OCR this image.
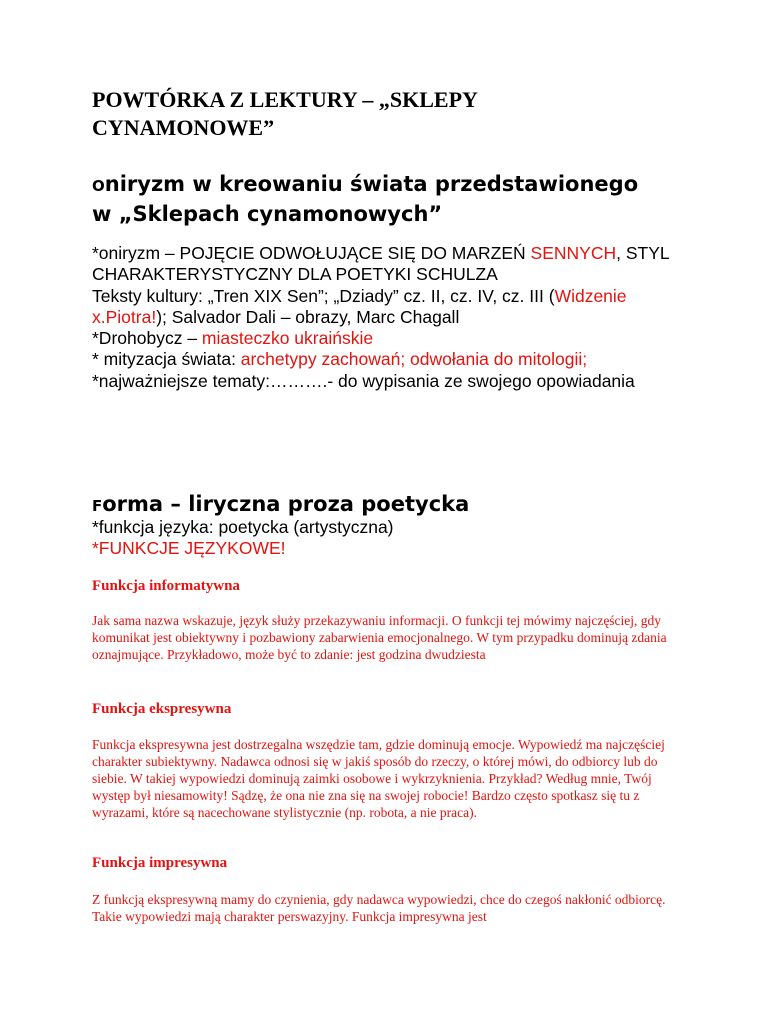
POWTÓRKA Z LEKTURY – „SKLEPY
CYNAMONOWE”
Oniryzm w kreowaniu świata przedstawionego
w „Sklepach cynamonowych”

*oniryzm – POJĘCIE ODWOŁUJĄCE SIĘ DO MARZEŃ SENNYCH, STYL CHARAKTERYSTYCZNY DLA POETYKI SCHULZA

Teksty kultury: „Tren XIX Sen”; „Dziady” cz. II, cz. IV, cz. III (Widzenie x.Piotra!); Salvador Dali – obrazy, Marc Chagall

*Drohobycz – miasteczko ukraińskie

* mityzacja świata: archetypy zachowań; odwołania do mitologii;

*najważniejsze tematy:……….- do wypisania ze swojego opowiadania

Forma – liryczna proza poetycka

*funkcja języka: poetycka (artystyczna)

*FUNKCJE JĘZYKOWE!

Funkcja informatywna

Jak sama nazwa wskazuje, język służy przekazywaniu informacji. O funkcji tej mówimy najczęściej, gdy komunikat jest obiektywny i pozbawiony zabarwienia emocjonalnego. W tym przypadku dominują zdania oznajmujące. Przykładowo, może być to zdanie: jest godzina dwudziesta

Funkcja ekspresywna

Funkcja ekspresywna jest dostrzegalna wszędzie tam, gdzie dominują emocje. Wypowiedź ma najczęściej charakter subiektywny. Nadawca odnosi się w jakiś sposób do rzeczy, o której mówi, do odbiorcy lub do siebie. W takiej wypowiedzi dominują zaimki osobowe i wykrzyknienia. Przykład? Według mnie, Twój występ był niesamowity! Sądzę, że ona nie zna się na swojej robocie! Bardzo często spotkasz się tu z wyrazami, które są nacechowane stylistycznie (np. robota, a nie praca).

Funkcja impresywna

Z funkcją ekspresywną mamy do czynienia, gdy nadawca wypowiedzi, chce do czegoś nakłonić odbiorcę. Takie wypowiedzi mają charakter perswazyjny. Funkcja impresywna jest
